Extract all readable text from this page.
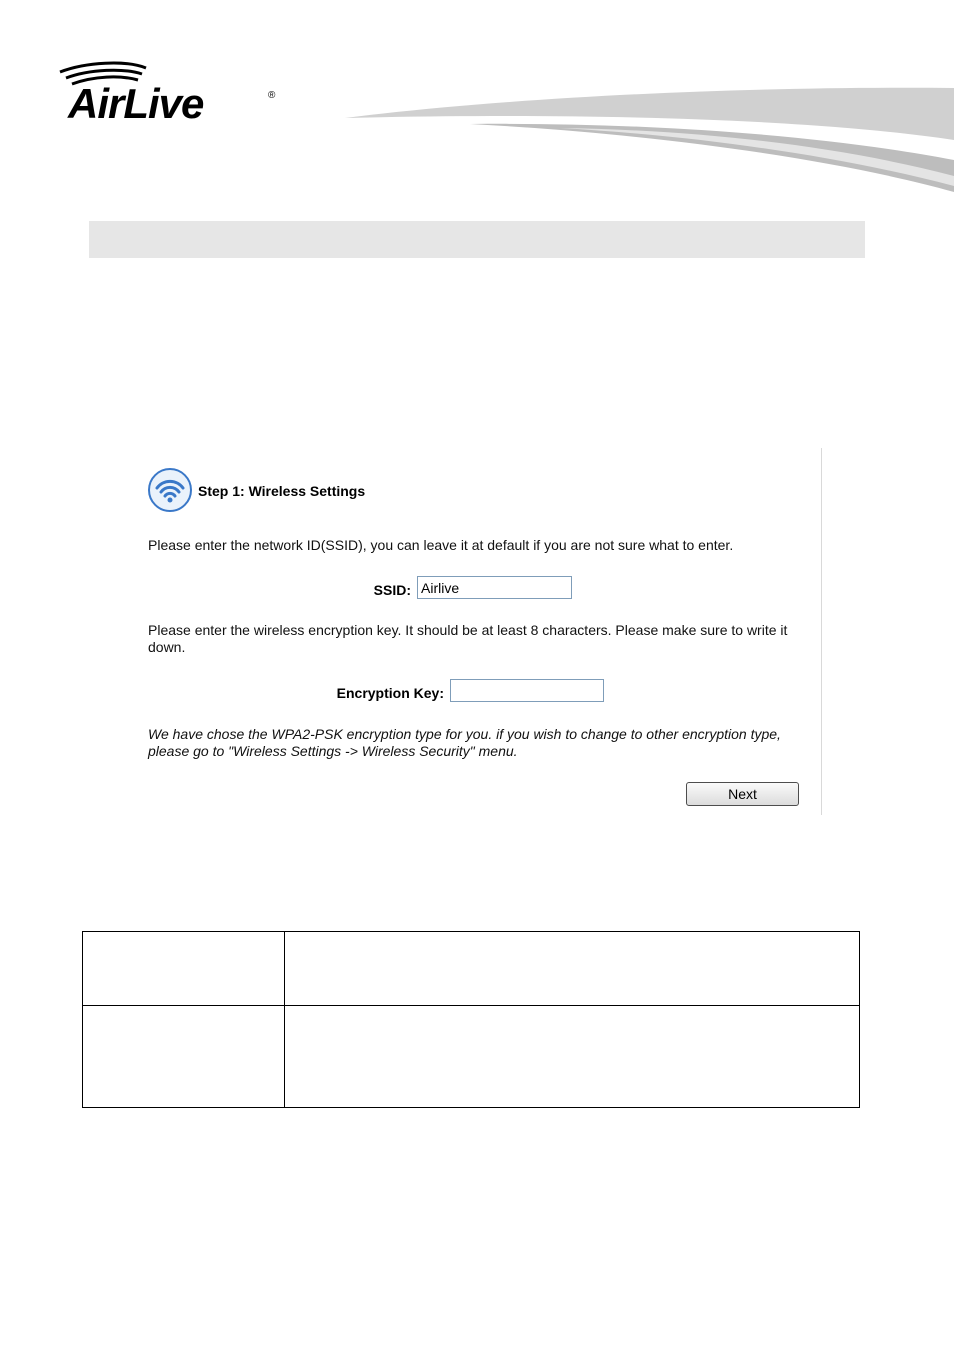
AirLive	®
Step 1: Wireless Settings
Please enter the network ID(SSID), you can leave it at default if you are not sure what to enter.
SSID:
Airlive
Please enter the wireless encryption key. It should be at least 8 characters. Please make sure to write it down.
Encryption Key:
We have chose the WPA2-PSK encryption type for you. if you wish to change to other encryption type, please go to "Wireless Settings -> Wireless Security" menu.
Next
